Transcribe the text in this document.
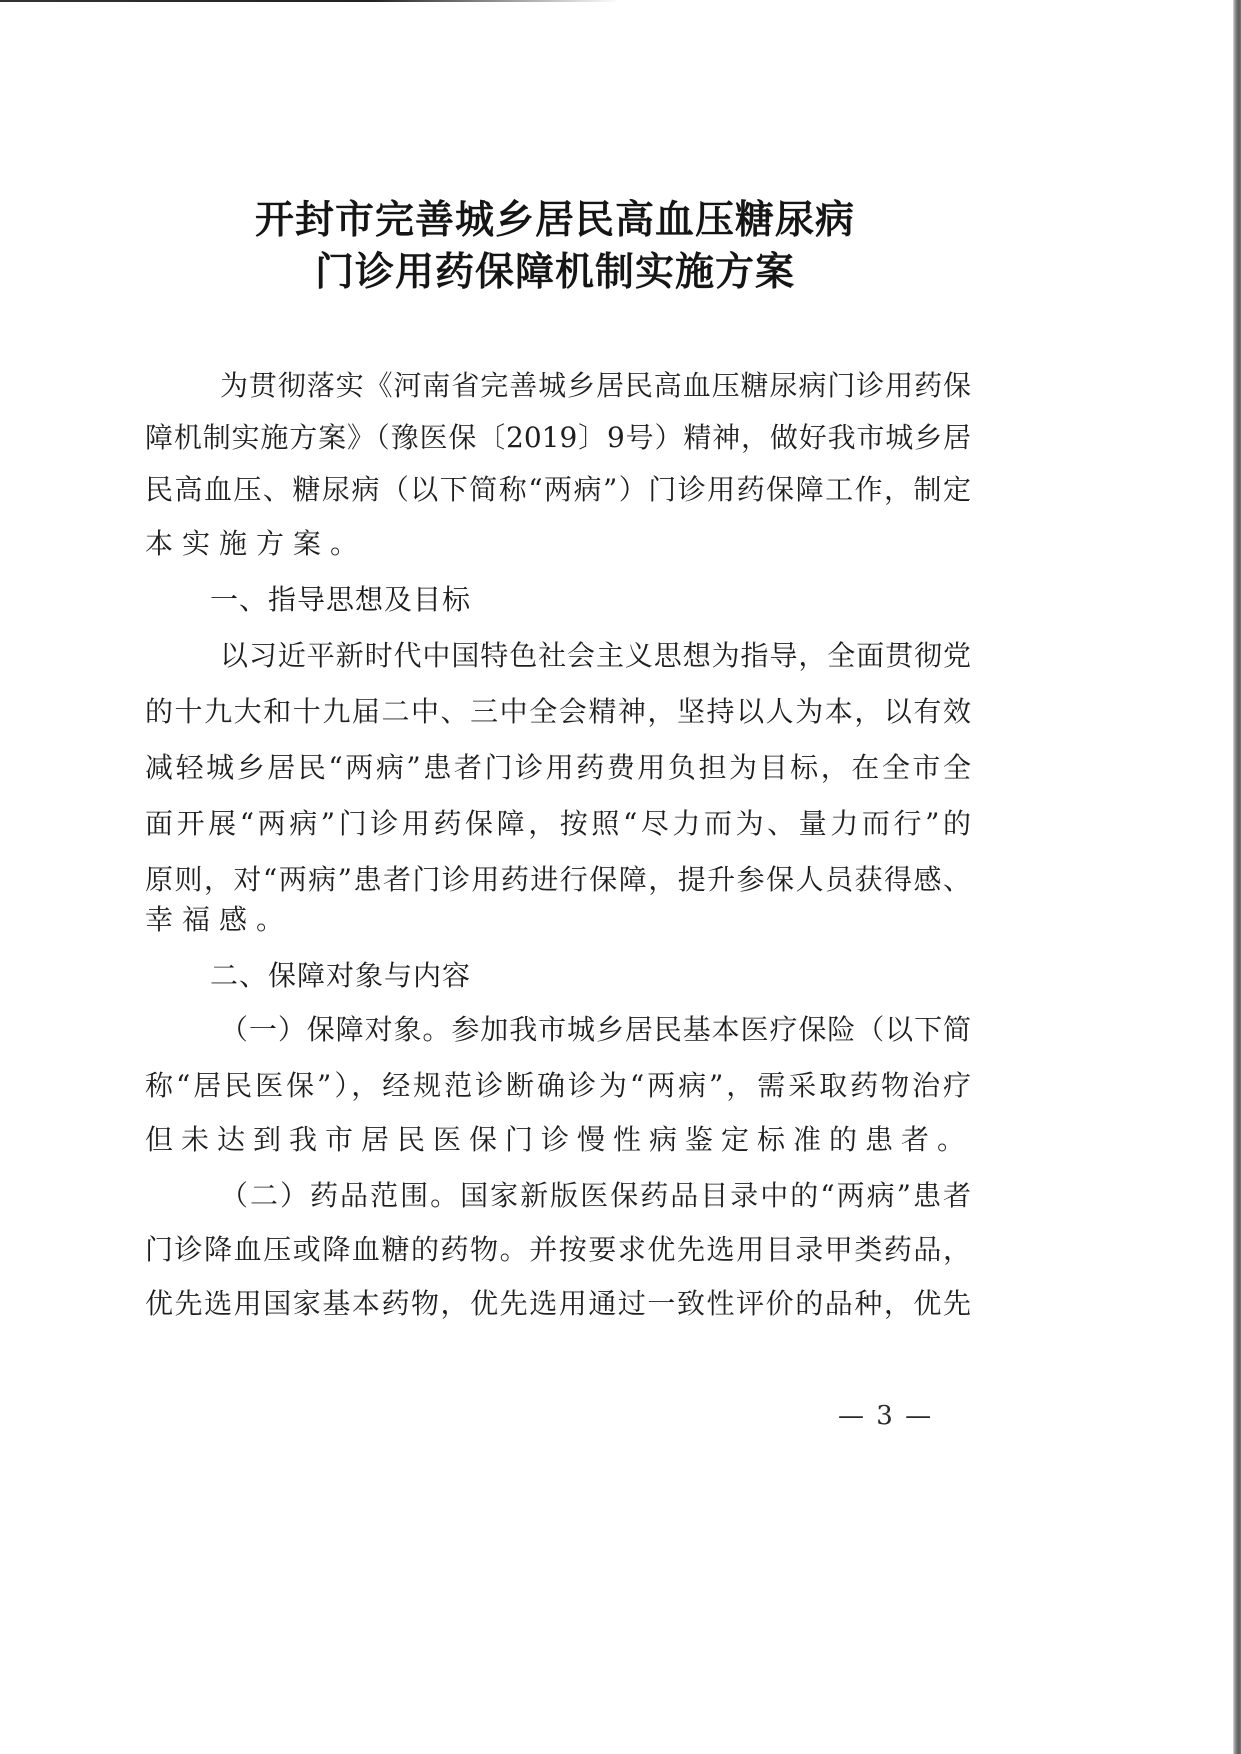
开封市完善城乡居民高血压糖尿病
门诊用药保障机制实施方案
为贯彻落实《河南省完善城乡居民高血压糖尿病门诊用药保
障机制实施方案》（豫医保〔2019〕9号）精神，做好我市城乡居
民高血压、糖尿病（以下简称“两病”）门诊用药保障工作，制定
本实施方案。
一、指导思想及目标
以习近平新时代中国特色社会主义思想为指导，全面贯彻党
的十九大和十九届二中、三中全会精神，坚持以人为本，以有效
减轻城乡居民“两病”患者门诊用药费用负担为目标，在全市全
面开展“两病”门诊用药保障，按照“尽力而为、量力而行”的
原则，对“两病”患者门诊用药进行保障，提升参保人员获得感、
幸福感。
二、保障对象与内容
（一）保障对象。参加我市城乡居民基本医疗保险（以下简
称“居民医保”），经规范诊断确诊为“两病”，需采取药物治疗
但未达到我市居民医保门诊慢性病鉴定标准的患者。
（二）药品范围。国家新版医保药品目录中的“两病”患者
门诊降血压或降血糖的药物。并按要求优先选用目录甲类药品，
优先选用国家基本药物，优先选用通过一致性评价的品种，优先
— 3 —
